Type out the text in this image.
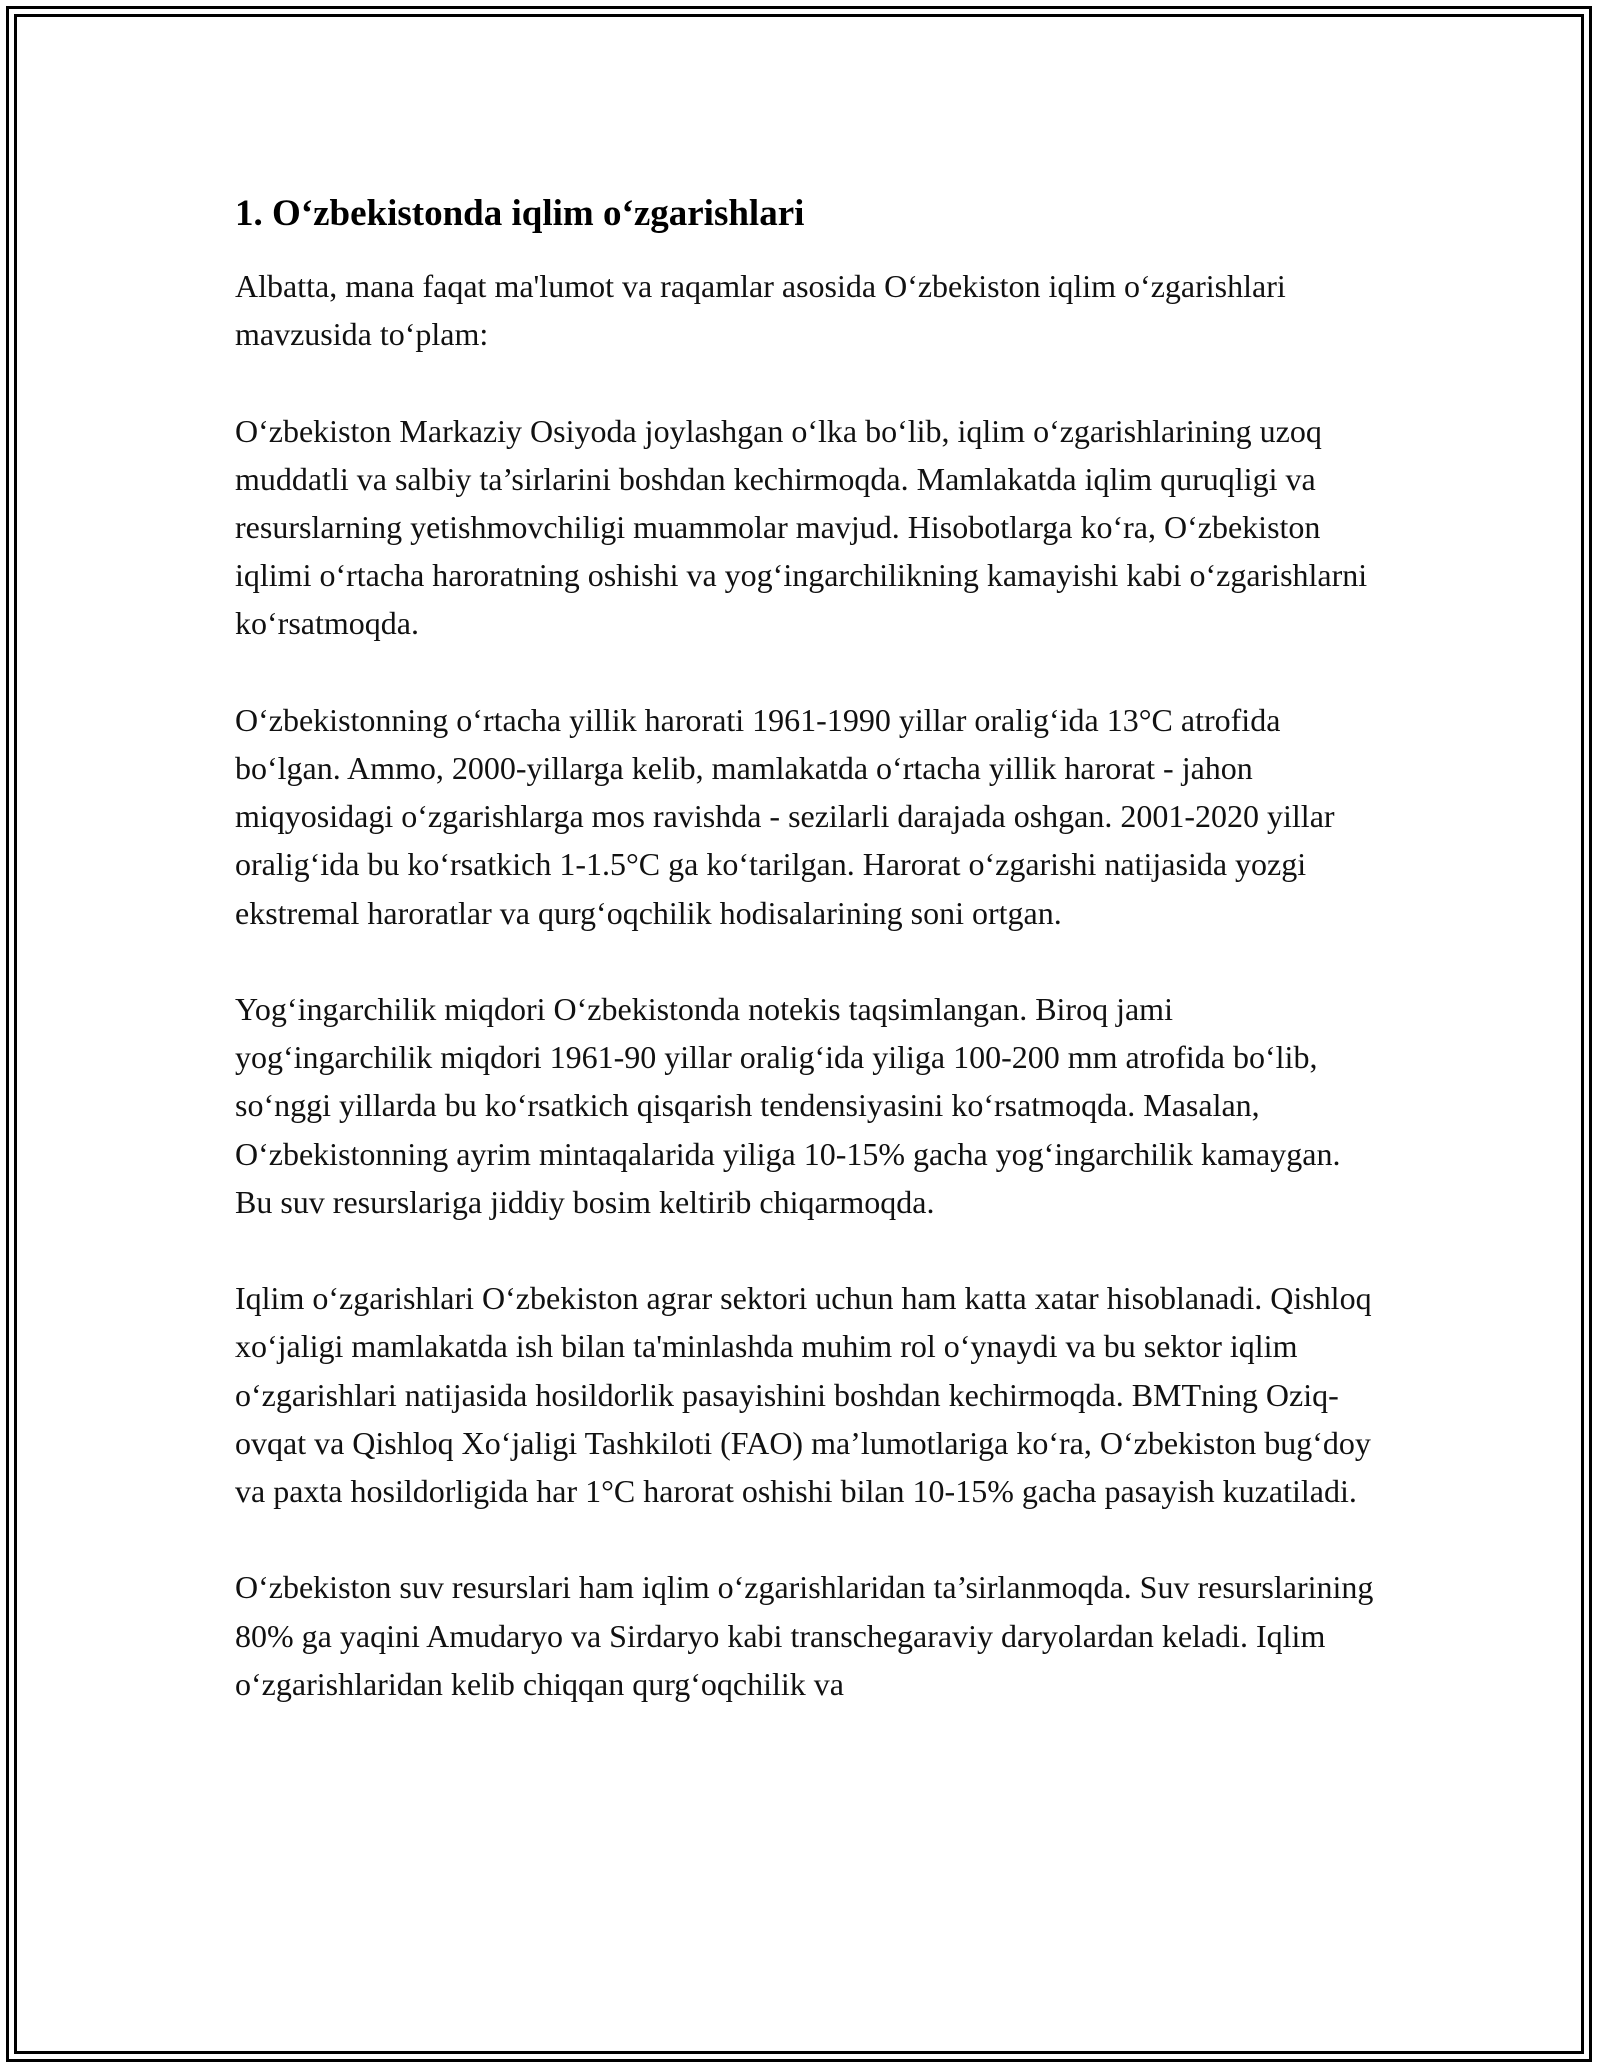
1. O‘zbekistonda iqlim o‘zgarishlari

Albatta, mana faqat ma'lumot va raqamlar asosida O‘zbekiston iqlim o‘zgarishlari mavzusida to‘plam:

O‘zbekiston Markaziy Osiyoda joylashgan o‘lka bo‘lib, iqlim o‘zgarishlarining uzoq muddatli va salbiy ta’sirlarini boshdan kechirmoqda. Mamlakatda iqlim quruqligi va resurslarning yetishmovchiligi muammolar mavjud. Hisobotlarga ko‘ra, O‘zbekiston iqlimi o‘rtacha haroratning oshishi va yog‘ingarchilikning kamayishi kabi o‘zgarishlarni ko‘rsatmoqda.

O‘zbekistonning o‘rtacha yillik harorati 1961-1990 yillar oralig‘ida 13°C atrofida bo‘lgan. Ammo, 2000-yillarga kelib, mamlakatda o‘rtacha yillik harorat - jahon miqyosidagi o‘zgarishlarga mos ravishda - sezilarli darajada oshgan. 2001-2020 yillar oralig‘ida bu ko‘rsatkich 1-1.5°C ga ko‘tarilgan. Harorat o‘zgarishi natijasida yozgi ekstremal haroratlar va qurg‘oqchilik hodisalarining soni ortgan.

Yog‘ingarchilik miqdori O‘zbekistonda notekis taqsimlangan. Biroq jami yog‘ingarchilik miqdori 1961-90 yillar oralig‘ida yiliga 100-200 mm atrofida bo‘lib, so‘nggi yillarda bu ko‘rsatkich qisqarish tendensiyasini ko‘rsatmoqda. Masalan, O‘zbekistonning ayrim mintaqalarida yiliga 10-15% gacha yog‘ingarchilik kamaygan. Bu suv resurslariga jiddiy bosim keltirib chiqarmoqda.

Iqlim o‘zgarishlari O‘zbekiston agrar sektori uchun ham katta xatar hisoblanadi. Qishloq xo‘jaligi mamlakatda ish bilan ta'minlashda muhim rol o‘ynaydi va bu sektor iqlim o‘zgarishlari natijasida hosildorlik pasayishini boshdan kechirmoqda. BMTning Oziq-ovqat va Qishloq Xo‘jaligi Tashkiloti (FAO) ma’lumotlariga ko‘ra, O‘zbekiston bug‘doy va paxta hosildorligida har 1°C harorat oshishi bilan 10-15% gacha pasayish kuzatiladi.

O‘zbekiston suv resurslari ham iqlim o‘zgarishlaridan ta’sirlanmoqda. Suv resurslarining 80% ga yaqini Amudaryo va Sirdaryo kabi transchegaraviy daryolardan keladi. Iqlim o‘zgarishlaridan kelib chiqqan qurg‘oqchilik va
